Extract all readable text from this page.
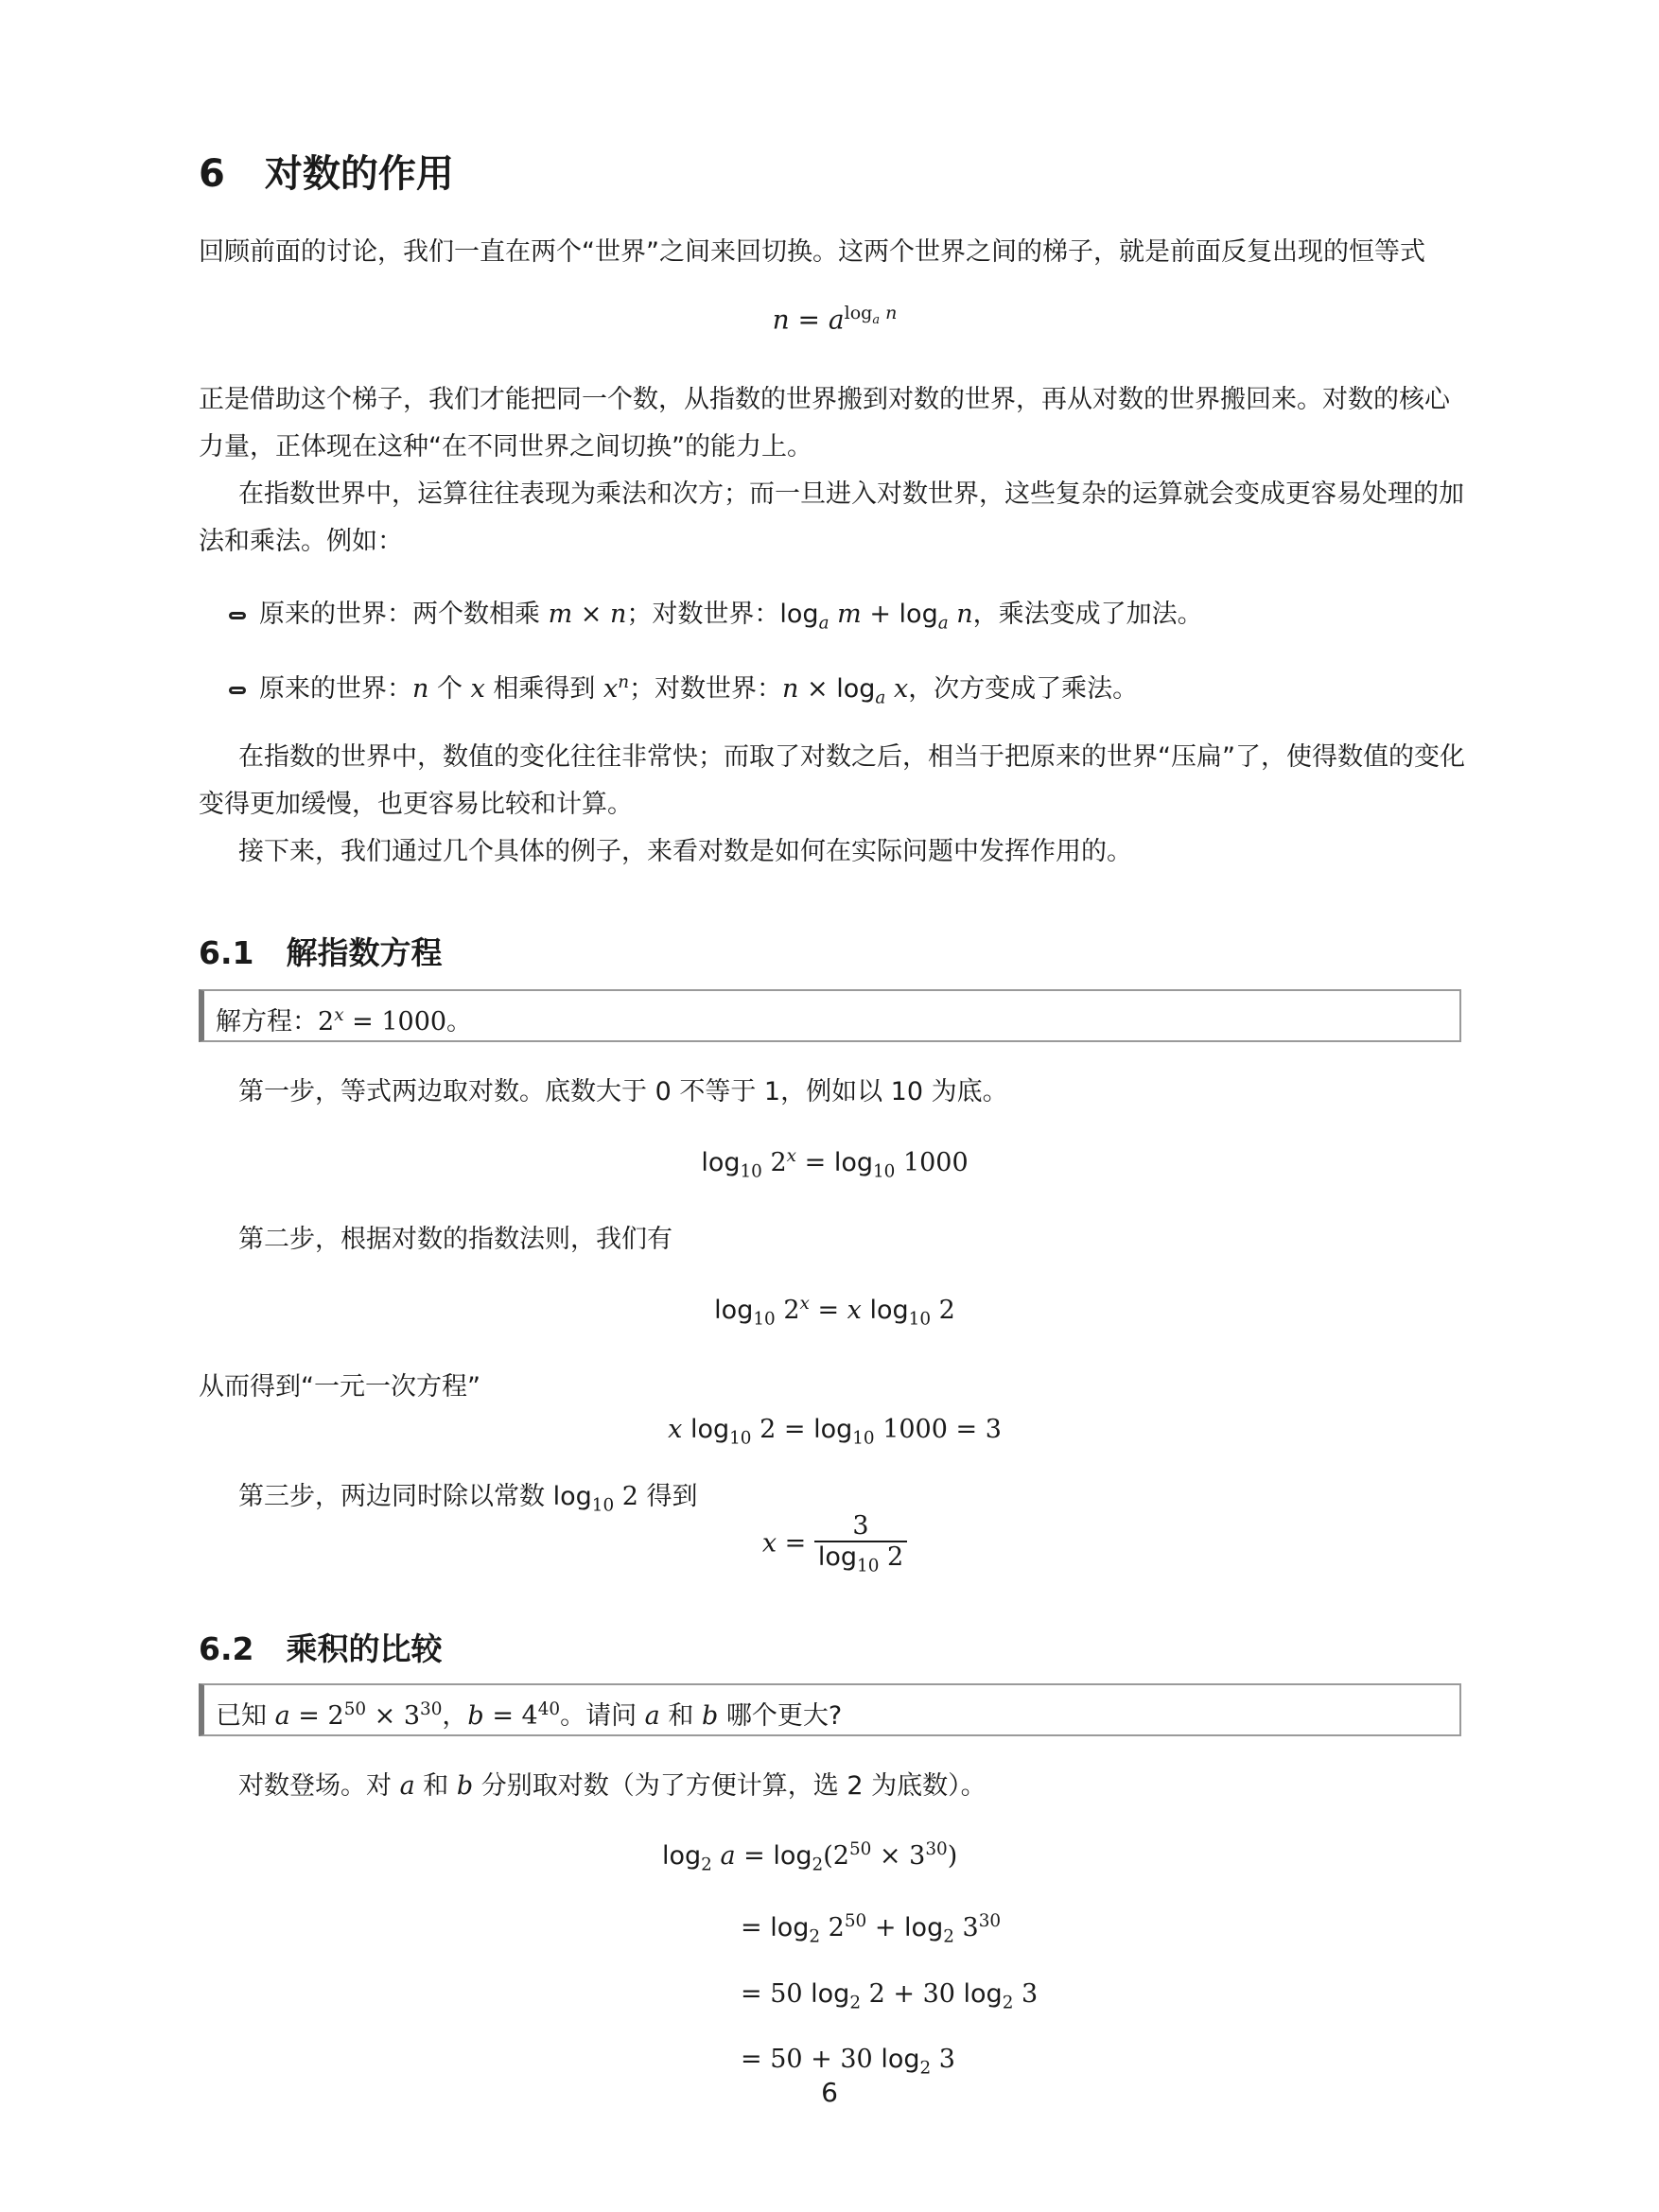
6 对数的作用
回顾前面的讨论，我们一直在两个“世界”之间来回切换。这两个世界之间的梯子，就是前面反复出现的恒等式
$n = a^{log_a n}$
正是借助这个梯子，我们才能把同一个数，从指数的世界搬到对数的世界，再从对数的世界搬回来。对数的核心力量，正体现在这种“在不同世界之间切换”的能力上。
在指数世界中，运算往往表现为乘法和次方；而一旦进入对数世界，这些复杂的运算就会变成更容易处理的加法和乘法。例如：
原来的世界：两个数相乘 m × n；对数世界：$\log_a m + \log_a n$，乘法变成了加法。
原来的世界：n 个 x 相乘得到 $x^n$；对数世界：$n \times \log_a x$，次方变成了乘法。
在指数的世界中，数值的变化往往非常快；而取了对数之后，相当于把原来的世界“压扁”了，使得数值的变化变得更加缓慢，也更容易比较和计算。
接下来，我们通过几个具体的例子，来看对数是如何在实际问题中发挥作用的。
6.1 解指数方程
解方程：$2^x = 1000$。
第一步，等式两边取对数。底数大于 0 不等于 1，例如以 10 为底。
$\log_{10} 2^x = \log_{10} 1000$
第二步，根据对数的指数法则，我们有
$\log_{10} 2^x = x$ $\log_{10} 2$
从而得到“一元一次方程”
x $\log_{10} 2 = \log_{10} 1000 = 3$
第三步，两边同时除以常数 $\log_{10} 2$ 得到
$x = \frac{3}{\log_{10} 2}$
6.2 乘积的比较
已知 $a = 2^{50} \times 3^{30}$，$b = 4^{40}$。请问 a 和 b 哪个更大?
对数登场。对 a 和 b 分别取对数（为了方便计算，选 2 为底数）。
$\log_2 a = \log_2(2^{50} \times 3^{30})$
= $\log_2 2^{50} + \log_2 3^{30}$
= 50 $\log_2 2 + 30$ $\log_2 3$
= 50 + 30 $\log_2 3$
6
